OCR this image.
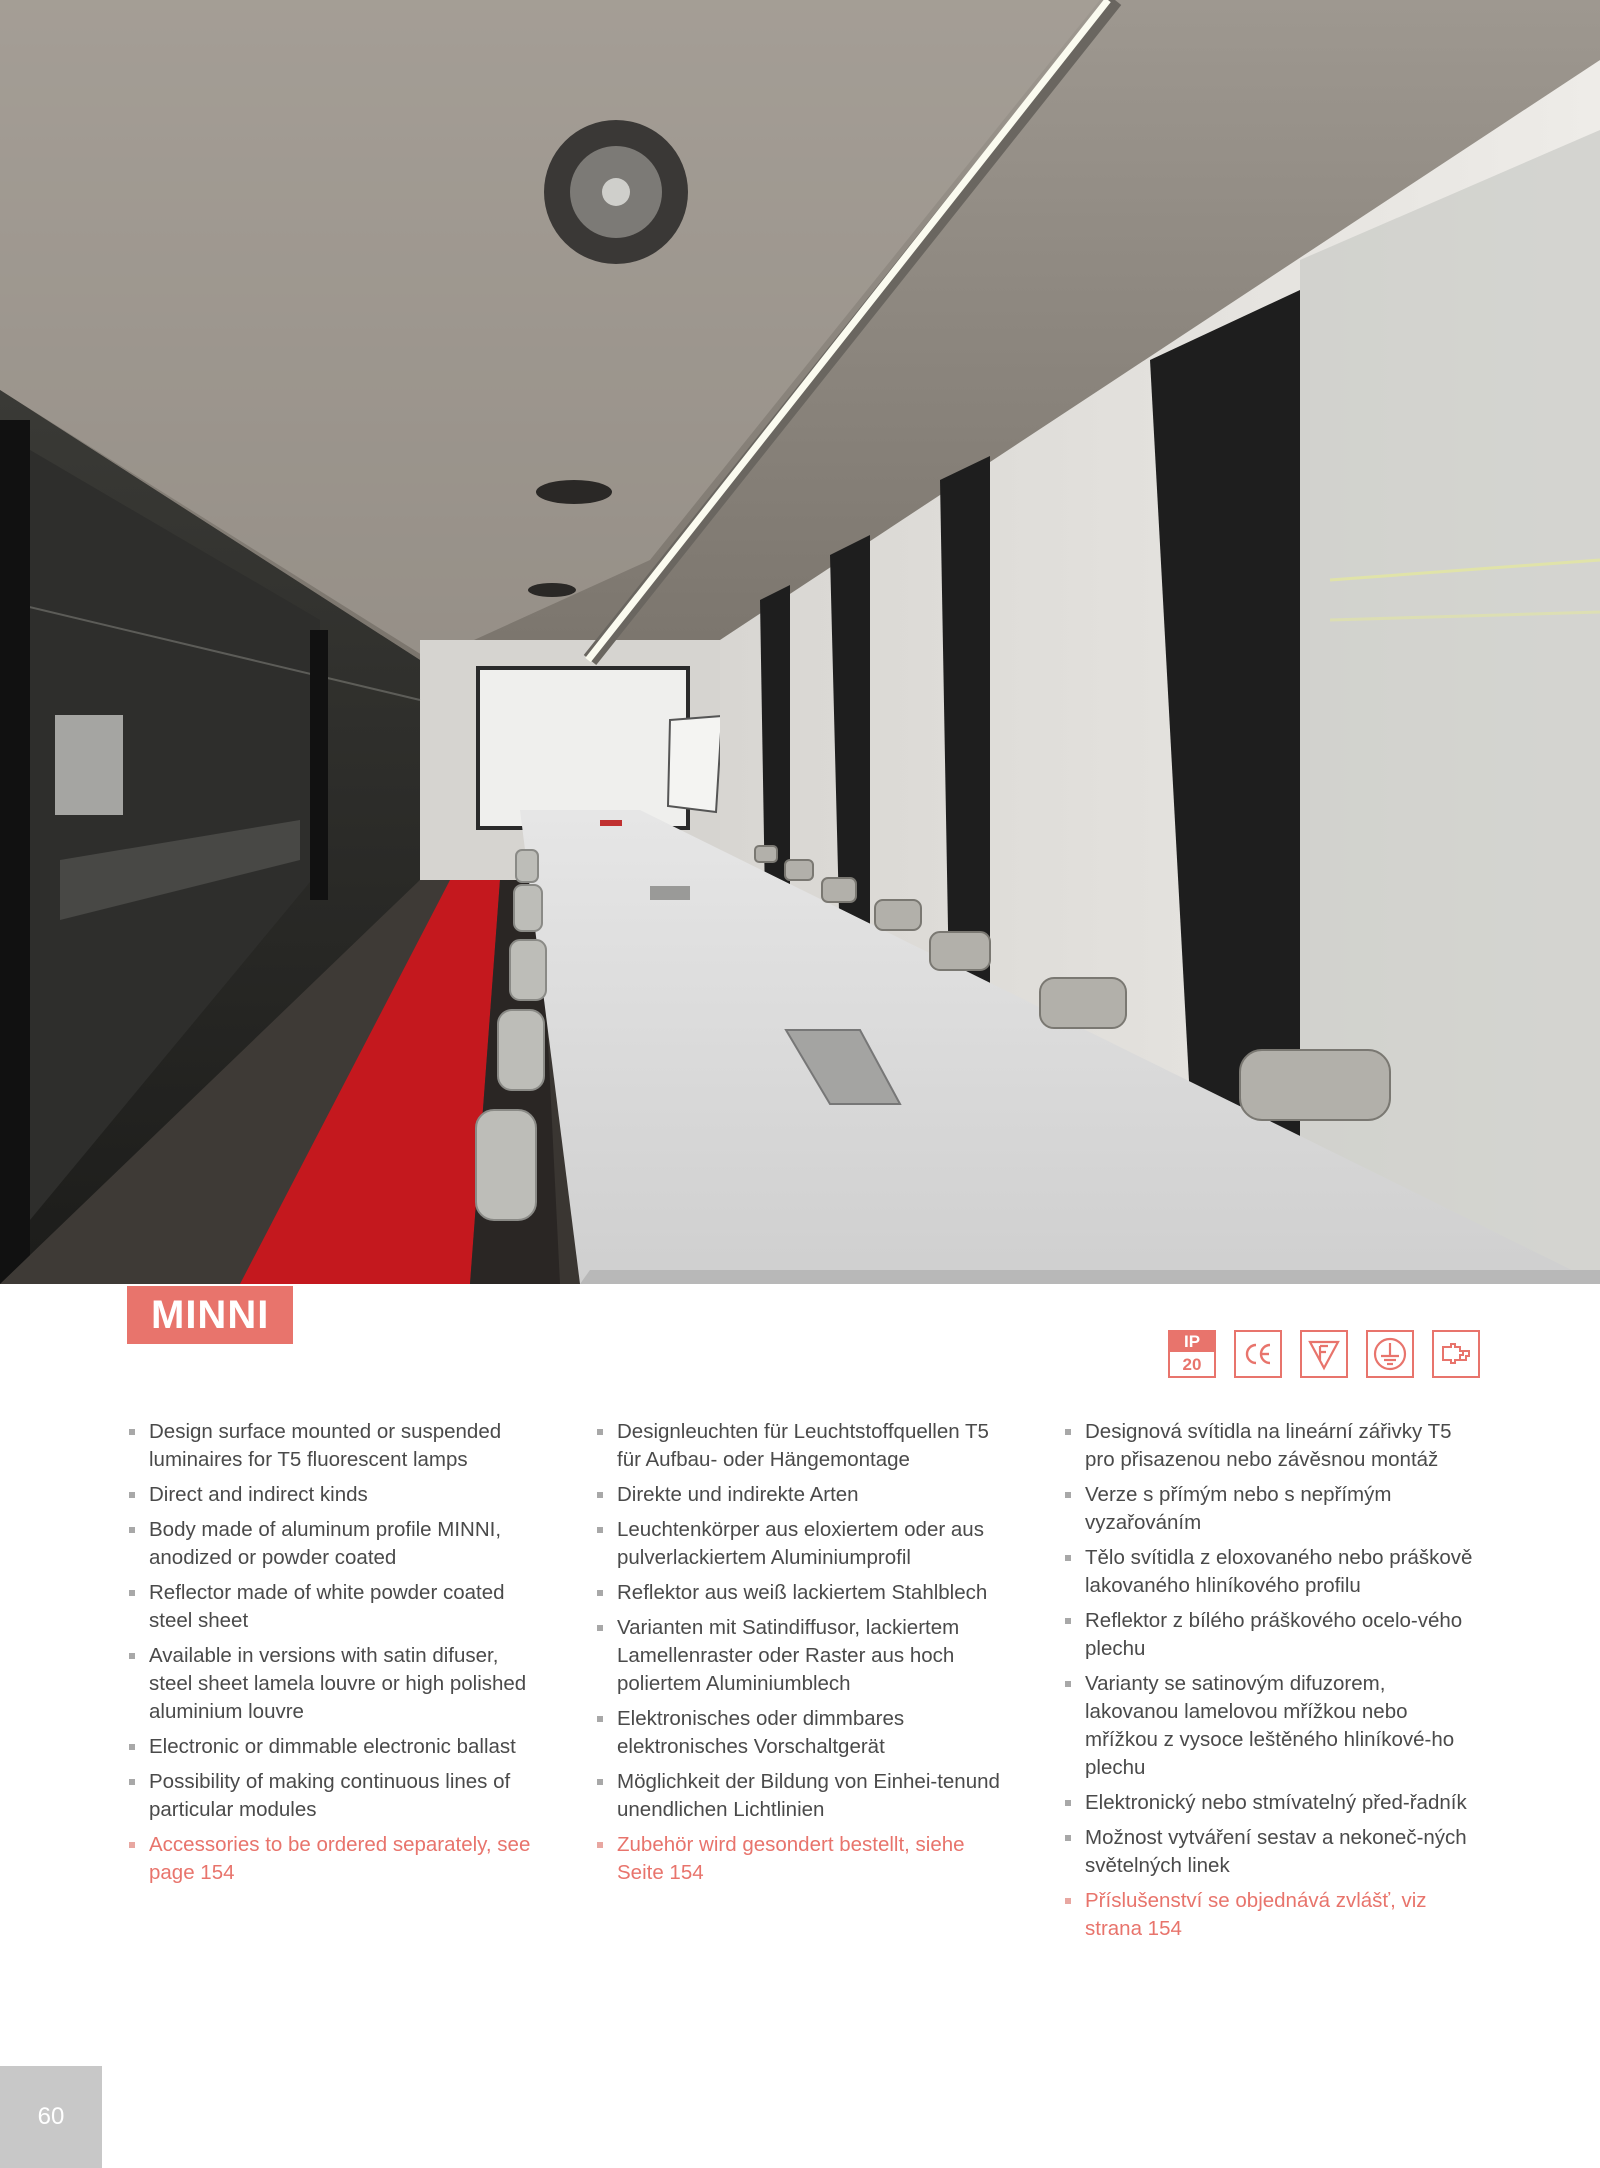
MINNI
IP
20
Design surface mounted or suspended luminaires for T5 fluorescent lamps
Direct and indirect kinds
Body made of aluminum profile MINNI, anodized or powder coated
Reflector made of white powder coated steel sheet
Available in versions with satin difuser, steel sheet lamela louvre or high polished aluminium louvre
Electronic or dimmable electronic ballast
Possibility of making continuous lines of particular modules
Accessories to be ordered separately, see page 154
Designleuchten für Leuchtstoffquellen T5 für Aufbau- oder Hängemontage
Direkte und indirekte Arten
Leuchtenkörper aus eloxiertem oder aus pulverlackiertem Aluminiumprofil
Reflektor aus weiß lackiertem Stahlblech
Varianten mit Satindiffusor, lackiertem Lamellenraster oder Raster aus hoch poliertem Aluminiumblech
Elektronisches oder dimmbares elektronisches Vorschaltgerät
Möglichkeit der Bildung von Einhei-tenund unendlichen Lichtlinien
Zubehör wird gesondert bestellt, siehe Seite 154
Designová svítidla na lineární zářivky T5 pro přisazenou nebo závěsnou montáž
Verze s přímým nebo s nepřímým vyzařováním
Tělo svítidla z eloxovaného nebo práškově lakovaného hliníkového profilu
Reflektor z bílého práškového ocelo-vého plechu
Varianty se satinovým difuzorem, lakovanou lamelovou mřížkou nebo mřížkou z vysoce leštěného hliníkové-ho plechu
Elektronický nebo stmívatelný před-řadník
Možnost vytváření sestav a nekoneč-ných světelných linek
Příslušenství se objednává zvlášť, viz strana 154
60
